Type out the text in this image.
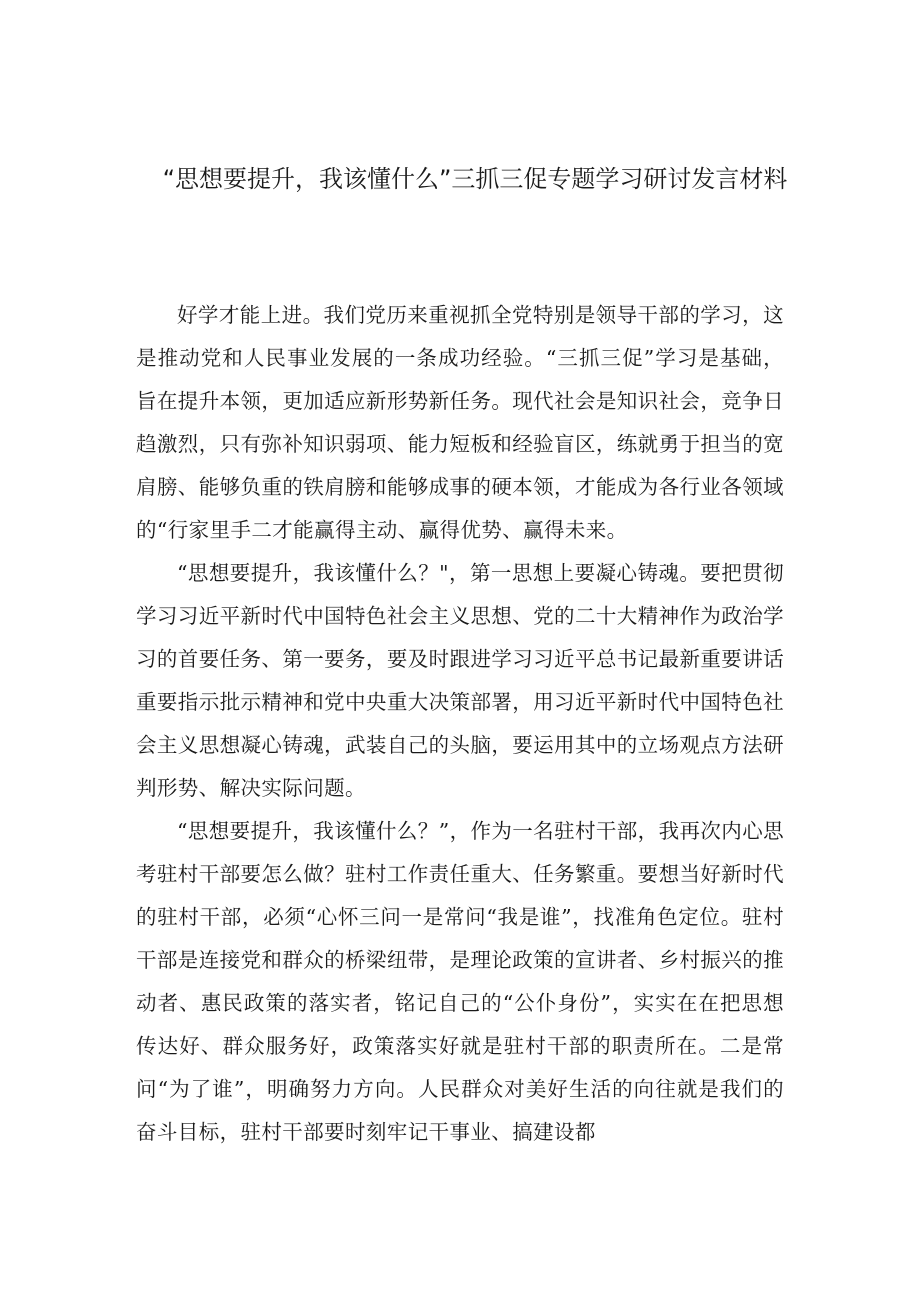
“思想要提升，我该懂什么”三抓三促专题学习研讨发言材料

好学才能上进。我们党历来重视抓全党特别是领导干部的学习，这是推动党和人民事业发展的一条成功经验。“三抓三促”学习是基础，旨在提升本领，更加适应新形势新任务。现代社会是知识社会，竞争日趋激烈，只有弥补知识弱项、能力短板和经验盲区，练就勇于担当的宽肩膀、能够负重的铁肩膀和能够成事的硬本领，才能成为各行业各领域的“行家里手二才能赢得主动、赢得优势、赢得未来。

“思想要提升，我该懂什么？"，第一思想上要凝心铸魂。要把贯彻学习习近平新时代中国特色社会主义思想、党的二十大精神作为政治学习的首要任务、第一要务，要及时跟进学习习近平总书记最新重要讲话重要指示批示精神和党中央重大决策部署，用习近平新时代中国特色社会主义思想凝心铸魂，武装自己的头脑，要运用其中的立场观点方法研判形势、解决实际问题。

“思想要提升，我该懂什么？”，作为一名驻村干部，我再次内心思考驻村干部要怎么做？驻村工作责任重大、任务繁重。要想当好新时代的驻村干部，必须“心怀三问一是常问“我是谁”，找准角色定位。驻村干部是连接党和群众的桥梁纽带，是理论政策的宣讲者、乡村振兴的推动者、惠民政策的落实者，铭记自己的“公仆身份”，实实在在把思想传达好、群众服务好，政策落实好就是驻村干部的职责所在。二是常问“为了谁”，明确努力方向。人民群众对美好生活的向往就是我们的奋斗目标，驻村干部要时刻牢记干事业、搞建设都
